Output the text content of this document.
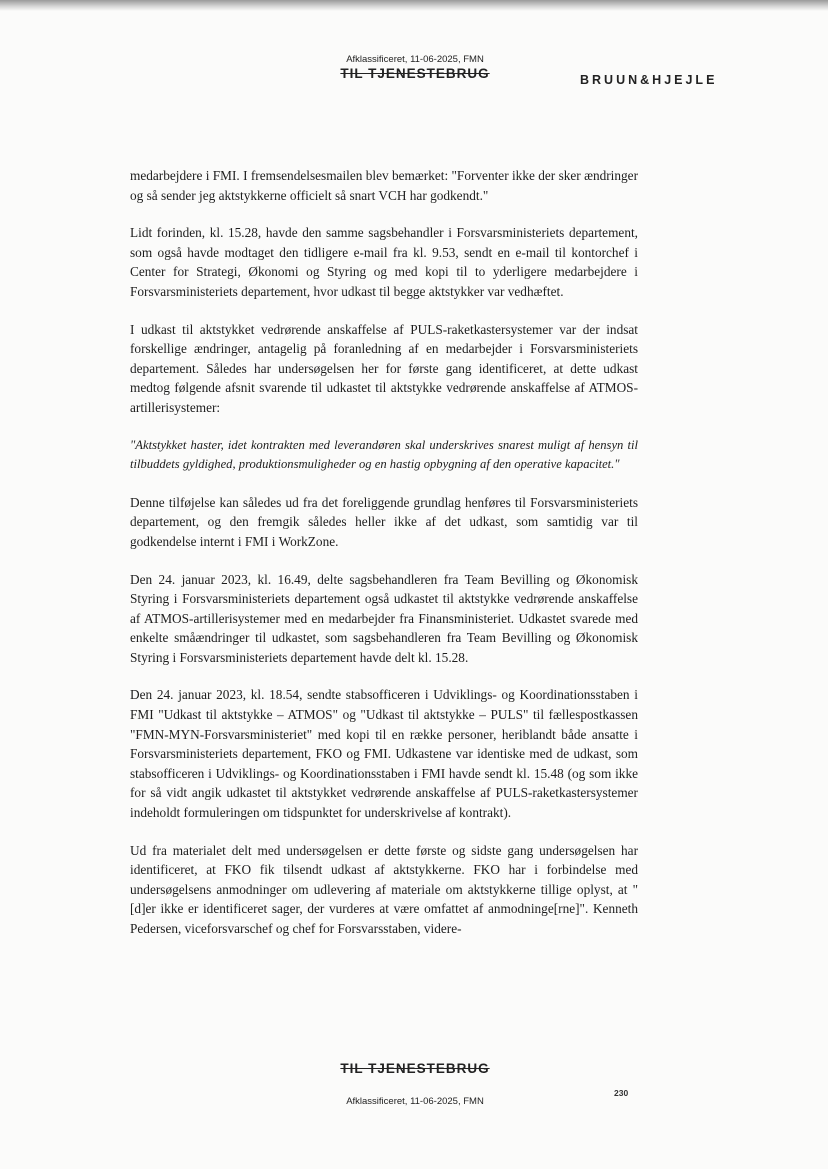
Afklassificeret, 11-06-2025, FMN
TIL TJENESTEBRUG	BRUUN&HJEJLE

medarbejdere i FMI. I fremsendelsesmailen blev bemærket: "Forventer ikke der sker ændringer og så sender jeg aktstykkerne officielt så snart VCH har godkendt."

Lidt forinden, kl. 15.28, havde den samme sagsbehandler i Forsvarsministeriets departement, som også havde modtaget den tidligere e-mail fra kl. 9.53, sendt en e-mail til kontorchef i Center for Strategi, Økonomi og Styring og med kopi til to yderligere medarbejdere i Forsvarsministeriets departement, hvor udkast til begge aktstykker var vedhæftet.

I udkast til aktstykket vedrørende anskaffelse af PULS-raketkastersystemer var der indsat forskellige ændringer, antagelig på foranledning af en medarbejder i Forsvarsministeriets departement. Således har undersøgelsen her for første gang identificeret, at dette udkast medtog følgende afsnit svarende til udkastet til aktstykke vedrørende anskaffelse af ATMOS-artillerisystemer:

"Aktstykket haster, idet kontrakten med leverandøren skal underskrives snarest muligt af hensyn til tilbuddets gyldighed, produktionsmuligheder og en hastig opbygning af den operative kapacitet."

Denne tilføjelse kan således ud fra det foreliggende grundlag henføres til Forsvarsministeriets departement, og den fremgik således heller ikke af det udkast, som samtidig var til godkendelse internt i FMI i WorkZone.

Den 24. januar 2023, kl. 16.49, delte sagsbehandleren fra Team Bevilling og Økonomisk Styring i Forsvarsministeriets departement også udkastet til aktstykke vedrørende anskaffelse af ATMOS-artillerisystemer med en medarbejder fra Finansministeriet. Udkastet svarede med enkelte småændringer til udkastet, som sagsbehandleren fra Team Bevilling og Økonomisk Styring i Forsvarsministeriets departement havde delt kl. 15.28.

Den 24. januar 2023, kl. 18.54, sendte stabsofficeren i Udviklings- og Koordinationsstaben i FMI "Udkast til aktstykke – ATMOS" og "Udkast til aktstykke – PULS" til fællespostkassen "FMN-MYN-Forsvarsministeriet" med kopi til en række personer, heriblandt både ansatte i Forsvarsministeriets departement, FKO og FMI. Udkastene var identiske med de udkast, som stabsofficeren i Udviklings- og Koordinationsstaben i FMI havde sendt kl. 15.48 (og som ikke for så vidt angik udkastet til aktstykket vedrørende anskaffelse af PULS-raketkastersystemer indeholdt formuleringen om tidspunktet for underskrivelse af kontrakt).

Ud fra materialet delt med undersøgelsen er dette første og sidste gang undersøgelsen har identificeret, at FKO fik tilsendt udkast af aktstykkerne. FKO har i forbindelse med undersøgelsens anmodninger om udlevering af materiale om aktstykkerne tillige oplyst, at "[d]er ikke er identificeret sager, der vurderes at være omfattet af anmodninge[rne]". Kenneth Pedersen, viceforsvarschef og chef for Forsvarsstaben, videre-

TIL TJENESTEBRUG
230
Afklassificeret, 11-06-2025, FMN
